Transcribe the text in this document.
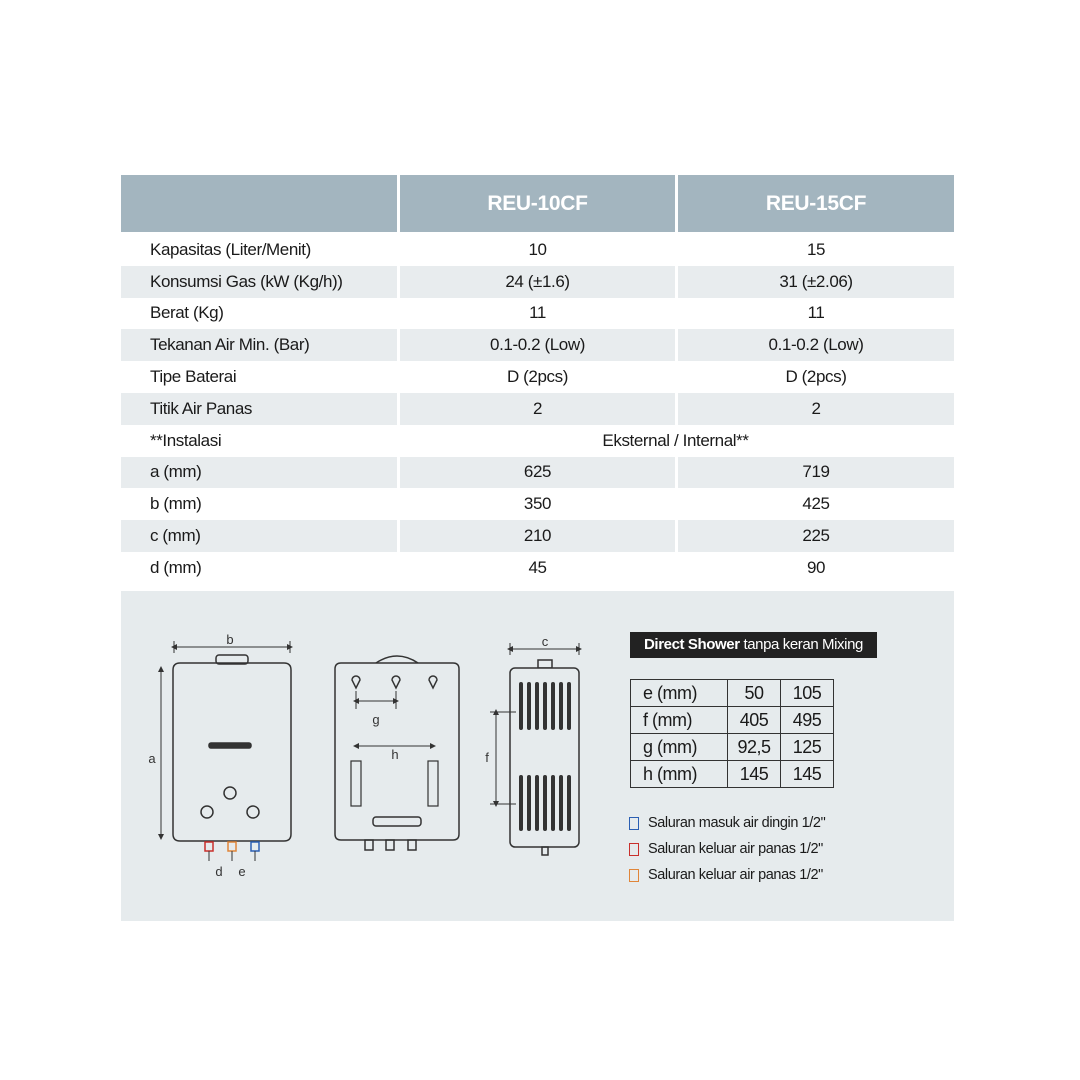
	REU-10CF	REU-15CF
Kapasitas (Liter/Menit)	10	15
Konsumsi Gas (kW (Kg/h))	24 (±1.6)	31 (±2.06)
Berat (Kg)	11	11
Tekanan Air Min. (Bar)	0.1-0.2 (Low)	0.1-0.2 (Low)
Tipe Baterai	D (2pcs)	D (2pcs)
Titik Air Panas	2	2
**Instalasi	Eksternal / Internal**	
a (mm)	625	719
b (mm)	350	425
c (mm)	210	225
d (mm)	45	90
b
a
d e
g
h
c
f
Direct Shower tanpa keran Mixing
e (mm)	50	105
f (mm)	405	495
g (mm)	92,5	125
h (mm)	145	145
Saluran masuk air dingin 1/2"
Saluran keluar air panas 1/2"
Saluran keluar air panas 1/2"
